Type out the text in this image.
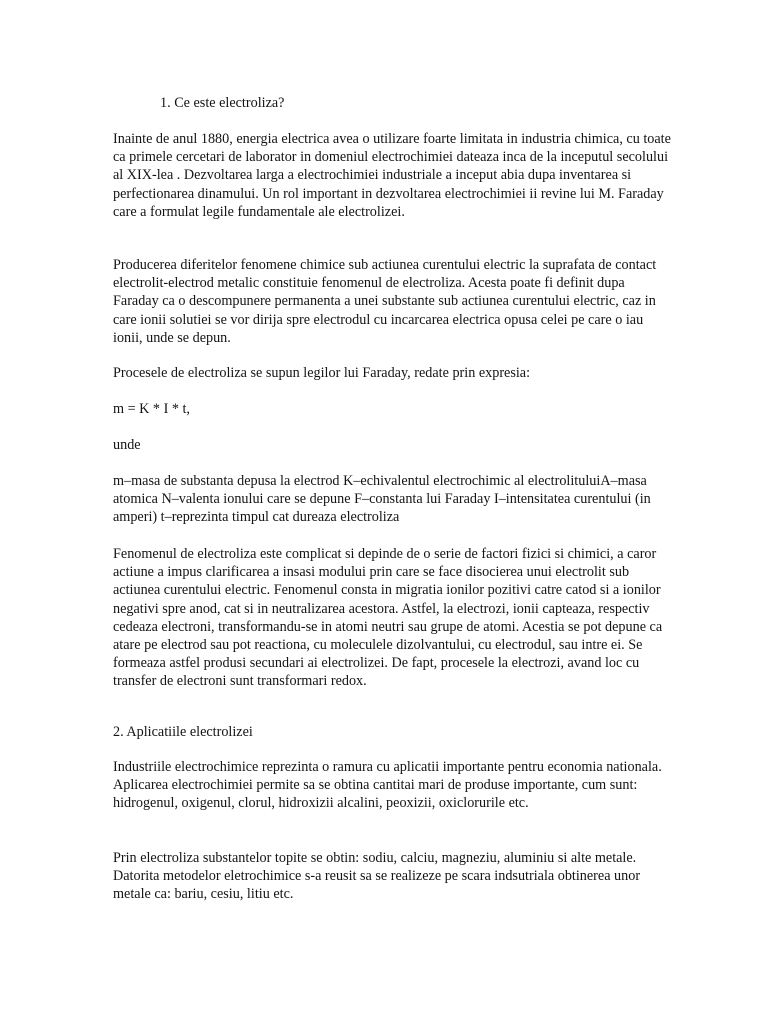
1. Ce este electroliza?

Inainte de anul 1880, energia electrica avea o utilizare foarte limitata in industria chimica, cu toate ca primele cercetari de laborator in domeniul electrochimiei dateaza inca de la inceputul secolului al XIX-lea . Dezvoltarea larga a electrochimiei industriale a inceput abia dupa inventarea si perfectionarea dinamului. Un rol important in dezvoltarea electrochimiei ii revine lui M. Faraday care a formulat legile fundamentale ale electrolizei.

Producerea diferitelor fenomene chimice sub actiunea curentului electric la suprafata de contact electrolit-electrod metalic constituie fenomenul de electroliza. Acesta poate fi definit dupa Faraday ca o descompunere permanenta a unei substante sub actiunea curentului electric, caz in care ionii solutiei se vor dirija spre electrodul cu incarcarea electrica opusa celei pe care o iau ionii, unde se depun.

Procesele de electroliza se supun legilor lui Faraday, redate prin expresia:

m = K * I * t,

unde

m–masa de substanta depusa la electrod K–echivalentul electrochimic al electrolituluiA–masa atomica N–valenta ionului care se depune F–constanta lui Faraday I–intensitatea curentului (in amperi) t–reprezinta timpul cat dureaza electroliza

Fenomenul de electroliza este complicat si depinde de o serie de factori fizici si chimici, a caror actiune a impus clarificarea a insasi modului prin care se face disocierea unui electrolit sub actiunea curentului electric. Fenomenul consta in migratia ionilor pozitivi catre catod si a ionilor negativi spre anod, cat si in neutralizarea acestora. Astfel, la electrozi, ionii capteaza, respectiv cedeaza electroni, transformandu-se in atomi neutri sau grupe de atomi. Acestia se pot depune ca atare pe electrod sau pot reactiona, cu moleculele dizolvantului, cu electrodul, sau intre ei. Se formeaza astfel produsi secundari ai electrolizei. De fapt, procesele la electrozi, avand loc cu transfer de electroni sunt transformari redox.

2. Aplicatiile electrolizei

Industriile electrochimice reprezinta o ramura cu aplicatii importante pentru economia nationala. Aplicarea electrochimiei permite sa se obtina cantitai mari de produse importante, cum sunt: hidrogenul, oxigenul, clorul, hidroxizii alcalini, peoxizii, oxiclorurile etc.

Prin electroliza substantelor topite se obtin: sodiu, calciu, magneziu, aluminiu si alte metale. Datorita metodelor eletrochimice s-a reusit sa se realizeze pe scara indsutriala obtinerea unor metale ca: bariu, cesiu, litiu etc.
